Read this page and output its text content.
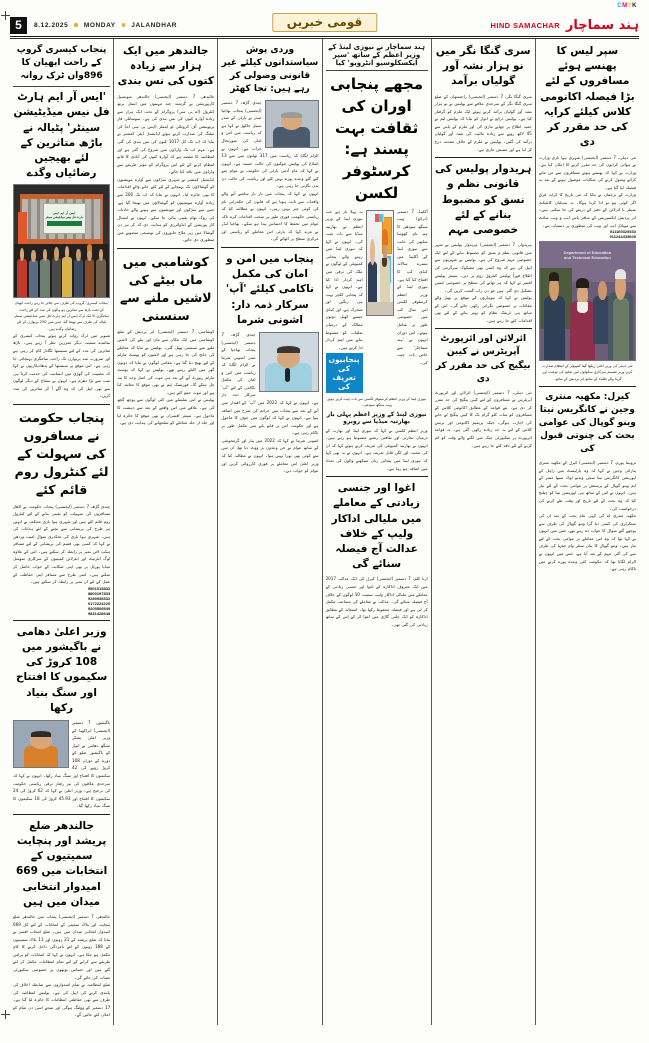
CMYK
5	8.12.2025 MONDAY JALANDHAR	قومی خبریں	HIND SAMACHAR ہند سماچار
پنجاب کیسری گروپ کے راحت ابھیان کا 896واں ٹرک روانہ
'ایس آر ایم ہارٹ فل نیس میڈیٹیشن سینٹر' پٹیالہ نے باڑھ متاثرین کے لئے بھیجیں رضائیاں وگدے
ایس. آر. ایم. ایس.
ہارٹ فل نیس میڈیٹیشن سینٹر
'پنجاب کیسری' گروپ کی طرف سے چلائے جا رہے راحت ابھیان کے تحت باڑھ سے متاثرین ہو والوں کی مدد کے لئے راحت سامگری کا ایک ٹرک ایس آر ایم ہارٹ فل نیس میڈیٹیشن سینٹر پٹیالہ کی طرف سے بھیجا گیا، جس میں 250 پریوارں کے لئے رضائیاں وگدے ہیں۔
تصویر میں ٹرک روانہ کرتے ہوئے پنجاب کیسری کے نمائندے سمیت دیگر معززین نظر آ رہے ہیں۔ باڑھ متاثرین کی مدد کے لئے سنستھا لگاتار کام کر رہی ہے اور ضرورت مند پریوارں تک راحت سامگری پہنچائی جا رہی ہے۔ اس موقع پر سنستھا کے پدھادیکاریوں نے کہا کہ مصیبت کی گھڑی میں انسانیت کی خدمت کرنا ہی سب سے بڑا دھرم ہے۔ انہوں نے سماج کے دیگر لوگوں سے بھی اپیل کی کہ وہ آگے آ کر متاثرین کی مدد کریں۔
پنجاب حکومت نے مسافروں کی سہولت کے لئے کنٹرول روم قائم کئے
چندی گڑھ، 7 دسمبر (ایجنسی) پنجاب حکومت نے اڈھار مسافروں کی سہولت کو یقینی بنانے کے لئے کنٹرول روم قائم کئے ہیں اور شہری ہوا بازی محکمہ نے انہیں ہر طرح کی پریشانی سے بچنے کے لئے ہدایات کی ہیں۔ شہری ہوا بازی کی تجکدری سوال امیت وردھن نے کہا کہ کسی بھی قسم کی پریشانی کے لئے مسافر ہیلپ لائن نمبر پر رابطہ کر سکتے ہیں۔ اس کے علاوہ لوگ انٹرنیٹ اور ایئرلائن کمپنیوں کے سرکاری سوشل میڈیا پورٹل پر بھی اپنی شکایت کے جواب حاصل کر سکتے ہیں۔ اسی طرح سے مسافر اپنی حفاظت کے عمل کے لئے ان نمبر پر رابطہ کر سکتے ہیں۔
9501015832
8800197833
9289938532
0172224220
9205508549
9831428648
وزیر اعلیٰ دھامی نے باگیشور میں 108 کروڑ کی سکیموں کا افتتاح اور سنگ بنیاد رکھا
باگیشور، 7 دسمبر (ایجنسی) اتراکھنڈ کے وزیر اعلیٰ پشکر سنگھ دھامی نے اتوار کو باگیشور ضلع کے دورے کے دوران 108 کروڑ روپے کی 42 سکیموں کا افتتاح اور سنگ بنیاد رکھا۔ انہوں نے کہا کہ سرحدی علاقوں کی تیز رفتار ترقی ریاستی حکومت کی ترجیح ہے۔ وزیر اعلیٰ نے کہا کہ 62 کروڑ کی 24 سکیموں کا افتتاح اور 45.93 کروڑ کی 18 سکیموں کا سنگ بنیاد رکھا گیا۔
جالندھر ضلع پریشد اور پنچایت سمیتیوں کے انتخابات میں 669 امیدوار انتخابی میدان میں ہیں
جالندھر، 7 دسمبر (ایجنسی) پنجاب میں جالندھر ضلع پنچایت اور بلاک سمیتی کے انتخابات کے لئے کل 669 امیدوار انتخابی میدان میں ہیں۔ ضلع انتخاب افسر نے بتایا کہ ضلع پریشد کے 21 زونوں اور 11 بلاک سمیتیوں کے 188 زونوں کے لئے نامزدگی داخل کرنے کا کام مکمل ہو چکا ہے۔ انہوں نے کہا کہ انتخابات کو پرامن طریقے سے کرانے کے لئے تمام انتظامات مکمل کر لئے گئے ہیں اور حساس بوتھوں پر خصوصی سکیورٹی تعینات کی جائے گی۔
ضلع انتظامیہ نے تمام امیدواروں سے ضابطہ اخلاق کی پابندی کرنے کی اپیل کی ہے۔ پولیس انتظامیہ کی طرف سے بھی حفاظتی انتظامات کا جائزہ لیا گیا ہے۔ 17 دسمبر کو ووٹنگ ہوگی اور نتیجے اسی دن شام کو اعلان کئے جائیں گے۔
جالندھر میں ایک ہزار سے زیادہ کتوں کی نس بندی
جالندھر، 7 دسمبر (ایجنسی) جالندھر میونسپل کارپوریشن نے گزشتہ چند مہینوں میں اینمل برتھ کنٹرول (اے بی سی) پروگرام کے تحت ایک ہزار سے زیادہ آوارہ کتوں کی نس بندی کی ہے۔ سوسائٹی فار پریوینشن آف کرویلٹی ٹو اینملز (ایس پی سی اے) کی میٹنگ کی صدارت کرتے ہوئے ایڈیشنل ڈپٹی کمشنر نے بتایا کہ اب تک کل 1017 کتوں کی نس بندی کی گئی ہے۔ مہم اب تک وارڈوں میں شروع کی گئی ہے اور انتظامیہ کا مقصد ہے کہ آوارہ کتوں کی آبادی کا قابو انتظام کرنے کے لئے اس پروگرام کو مؤثر طریقے سے وارڈوں میں نافذ کیا جائے۔
ایڈیشنل کمشنر نے شہری سڑکوں سے آوارہ مویشیوں کو گوشالاؤں تک پہنچانے کے لئے کئے جانے والے اقدامات کا بھی جائزہ لیا۔ انہوں نے بتایا کہ اب تک 200 سے زیادہ آوارہ مویشیوں کو گوشالاؤں میں بھیجا گیا ہے، جس سے سڑکوں اور مویشیوں سے ہونے والے حادثات کی روک تھام یقینی بنائی جا سکے۔ انہوں نے اسپتال کار پوریشن کے ایڈوائزری کو ہدایت دی کہ کر ہر دن گوشالا میں زیر علاج جانوروں کی توسیعی منصوبے میں منظوری دی جائے۔
کوشامبی میں ماں بیٹے کی لاشیں ملنے سے سنسنی
کوشامبی، 7 دسمبر (ایجنسی) اتر پردیش کے ضلع کوشامبی میں ایک مکان سے ماں اور بیٹے کی لاشیں ملنے سے سنسنی پھیل گئی۔ پولیس نے بتایا کہ معاملے کی جانچ کی جا رہی ہے اور لاشوں کو پوسٹ مارٹم کے لئے بھیج دیا گیا ہے۔ مقامی لوگوں نے بتایا کہ دونوں گھر میں اکیلے رہتے تھے۔ پولیس نے کہا کہ پوسٹ مارٹم رپورٹ آنے کے بعد ہی موت کی اصل وجہ کا پتہ چل سکے گا۔ فورنسک ٹیم نے بھی موقع کا معائنہ کیا ہے اور ثبوت جمع کئے ہیں۔
پولیس نے اس سلسلے میں کئی لوگوں سے پوچھ گچھ کی ہے۔ علاقے میں اس واقعے کے بعد سے دہشت کا ماحول ہے۔ سینئر افسران نے بھی موقع کا جائزہ لیا اور جلد از جلد معاملے کو سلجھانے کی ہدایت دی ہے۔
وردی پوش سیاستدانوں کیلئے غیر قانونی وصولی کر رہے ہیں: نجا کھٹر
چندی گڑھ، 7 دسمبر (ایجنسی) پنجاب بھاجپا صدر نے پارٹی کے صدر سنیل جاکھڑ نے کہا ہے کہ ریاست میں امن و امان کی صورتحال خراب ہے۔ انہوں نے الزام لگایا کہ ریاست میں 317 تھانوں میں سے 13 اضلاع کی پولیس چوکیوں کی حالت خستہ ہے۔ انہوں نے کہا کہ عام آدمی پارٹی کی حکومت نے عوام سے کئے گئے وعدے پورے نہیں کئے اور ریاست کی حالت دن بدن بگڑتی جا رہی ہے۔
انہوں نے کہا کہ پنجاب میں بار بار سامنے آنے والے واقعات سے ثابت ہوتا ہے کہ قانون کی حکمرانی نام کی کوئی چیز نہیں رہی۔ انہوں نے مطالبہ کیا کہ ریاستی حکومت فوری طور پر سخت اقدامات کرے تاکہ عوام میں تحفظ کا احساس پیدا ہو سکے۔ بھاجپا لیڈر نے مزید کہا کہ پارٹی اس معاملے کو ریاستی اور مرکزی سطح پر اٹھائے گی۔
پنجاب میں امن و امان کی مکمل ناکامی کیلئے 'آپ' سرکار ذمہ دار: اشونی شرما
چندی گڑھ، 7 دسمبر (ایجنسی) پنجاب بھاجپا کے صدر اشونی شرما نے الزام لگایا کہ ریاست میں امن و امان کی مکمل ناکامی کے لئے 'آپ' سرکار ذمہ دار ہے۔ انہوں نے کہا کہ 2022 میں 'آپ' کے اقتدار میں آنے کے بعد سے پنجاب میں جرائم کی شرح میں اضافہ ہوا ہے۔ انہوں نے کہا کہ لوگوں میں خوف کا ماحول ہے اور حکومت اس پر قابو پانے میں مکمل طور پر ناکام رہی ہے۔
اشونی شرما نے کہا کہ 2022 میں پیار اور گرمجوشی کے ساتھ عوام نے جن وعدوں پر ووٹ دیا تھا، ان میں سے کوئی بھی پورا نہیں ہوا۔ انہوں نے مطالبہ کیا کہ وزیر اعلیٰ اس معاملے پر فوری کارروائی کریں اور عوام کو جواب دیں۔
ہند سماچار نے نیوزی لینڈ کے وزیر اعظم کے ساتھ 'سپر ایکسکلوسیو انٹرویو' کیا
مجھے پنجابی اوران کی ثقافت بہت پسند ہے: کرسٹوفر لکسن
یہ پہلا بار ہے جب نیوزی لینڈ کے وزیر اعظم نے بھارتیہ میڈیا سے بات چیت کی۔ انہوں نے کہا کہ نیوزی لینڈ میں رہنے والے پنجابی کمیونٹی کے لوگوں نے ملک کی ترقی میں اہم کردار ادا کیا ہے۔ انہوں نے کہا کہ پنجابی کلچر بہت ہی رنگین اور متحرک ہے، اور کبڈی جیسے کھیل دونوں ممالک کے درمیان تعلقات کو مضبوط بنانے میں اہم کردار ادا کرتے ہیں۔
پنجابیوں کی تعریف کی
آکلینڈ، 7 دسمبر (ذرائع) ویب سنگھ سودھی کا ہم نام کھوسا ساتھی کی جانب سے نیوزی لینڈ کے آکلینڈ میں تیسرے سالانہ کبڈی کپ کا افتتاح کیا گیا ہے۔ نیوزی لینڈ کے وزیر اعظم کرسٹوفر لکسن اس سال کپ میں خصوصی طور پر شامل ہوئے۔ اس دوران انہوں نے 'ہند سماچار' سے خاص بات چیت کی۔
نیوزی لینڈ کے وزیر اعظم کرسٹوفر لکسن سے بات چیت کرتے ہوئے ویب سنگھ سودھی۔
نیوزی لینڈ کے وزیر اعظم پہلی بار بھارتیہ میڈیا سے روبرو
وزیر اعظم لکسن نے کہا کہ نیوزی لینڈ اور بھارت کے درمیان تجارتی اور ثقافتی رشتے مضبوط ہو رہے ہیں۔ انہوں نے بھارتیہ کمیونٹی کی تعریف کرتے ہوئے کہا کہ ان کی محنت اور لگن قابل تعریف ہے۔ انہوں نے یہ بھی کہا کہ نیوزی لینڈ میں پنجابی زبان سیکھنے والوں کی تعداد میں اضافہ ہو رہا ہے۔
اغوا اور جنسی زیادتی کے معاملے میں ملیالی اداکار ولیپ کے خلاف عدالت آج فیصلہ سنائے گی
ارنا کلم، 7 دسمبر (ایجنسی) کیرل کی ایک عدالت 2017 میں ایک معروف اداکارہ کے اغوا اور جنسی زیادتی کے معاملے میں ملیالی اداکار ولیپ سمیت 10 لوگوں کے خلاف آج فیصلہ سنائے گی۔ عدالت نے معاملے کی سماعت مکمل کر لی ہے اور فیصلہ محفوظ رکھا تھا۔ استغاثہ کے مطابق اداکارہ کو ایک چلتی گاڑی میں اغوا کر کے اس کے ساتھ زیادتی کی گئی تھی۔
سری گنگا نگر میں نو ہزار نشہ آور گولیاں برآمد
سری گنگا نگر، 7 دسمبر (ایجنسی) راجستھان کے ضلع سری گنگا نگر کے سرحدی علاقے سے پولیس نے نو ہزار نشہ آور گولیاں برآمد کرتے ہوئے ایک ملزم کو گرفتار کیا ہے۔ پولیس ذرائع نے اتوار کو بتایا کہ پولیس ٹیم نے خفیہ اطلاع پر چھاپے ماری کی اور ملزم کے پاس سے 45 لاکھ روپے سے زیادہ مالیت کی نشہ آور گولیاں برآمد کی گئیں۔ پولیس نے ملزم کے خلاف مقدمہ درج کر لیا ہے اور تفتیش جاری ہے۔
ہریدوار پولیس کی قانونی نظم و نسق کو مضبوط بنانے کے لئے خصوصی مہم
ہریدوار، 7 دسمبر (ایجنسی) ہریدوار پولیس نے شہر میں قانونی نظم و نسق کو مضبوط بنانے کے لئے ایک خصوصی مہم شروع کی ہے۔ پولیس نے شہریوں سے اپیل کی ہے کہ وہ کسی بھی مشکوک سرگرمی کی اطلاع فوراً پولیس کنٹرول روم پر دیں۔ سینئر پولیس افسر نے کہا کہ ہر تھانے کی سطح پر خصوصی ٹیمیں تشکیل دی گئی ہیں جو دن رات گشت کریں گی۔
پولیس نے کہا کہ تیوہاروں کے موقع پر بھیڑ والے مقامات پر خصوصی نگرانی رکھی جائے گی۔ اس کے ساتھ ہی ٹریفک نظام کو بہتر بنانے کے لئے بھی اقدامات کئے جا رہے ہیں۔
ائرلائن اور ائرپورٹ آپریٹرس نے کیبن بیگیج کی حد مقرر کر دی
نئی دہلی، 7 دسمبر (ایجنسی) ائرلائن اور ائرپورٹ آپریٹرس نے مسافروں کے لئے کیبن بیگیج کی حد مقرر کر دی ہے۔ نئے قواعد کے مطابق اکانومی کلاس کے مسافروں کو سات کلو گرام تک کا کیبن بیگیج لے جانے کی اجازت ہوگی، جبکہ پریمیم اکانومی اور بزنس کلاس کے لئے یہ حد زیادہ رکھی گئی ہے۔ یہ قواعد ائرپورٹ پر سکیورٹی چیک میں لگنے والے وقت کو کم کرنے کے لئے نافذ کئے جا رہے ہیں۔
سپر لیس کا پھنسے ہوئے مسافروں کے لئے بڑا فیصلہ اکانومی کلاس کیلئے کرایہ کی حد مقرر کر دی
نئی دہلی، 7 دسمبر (ایجنسی) شہری ہوا بازی وزارت نے ہوائی کرایوں کی حد مقرر کرنے کا اعلان کیا ہے۔ وزارت نے کہا کہ پھنسے ہوئے مسافروں سے من مانے کرائے وصول کرنے کی شکایات موصول ہونے کے بعد یہ فیصلہ لیا گیا ہے۔
وزارت کے ترجمان نے بتایا کہ نئی تاریخ کا کرایہ فرق اگر کوئی ہو تو ادا کرنا ہوگا۔ یہ تبدیلیاں کانٹیکٹ سینٹر یا ائرلائن کے دفتر کے ذریعے کی جا سکتی ہیں۔ اتر پردیش ایکسپریس کے سافر پاس ایپ و ویب سائٹ سے موبائل ایپ اور ویب کی منظوری پر دستیاب ہے۔
911169329333
911244435600
Department of Education
and Technical Education
نئی دہلی کی وزیر اعلیٰ ریکھا گپتا کمپیوٹر کے انتظام صدارت کرتے وزیر تقسیم سرکاری سکولوں میں تعلیم کی نوعیت اور گریڈ والے طلباء کے ساتھ اتر پردیش کے ساتھ۔
کیرل: مکھیہ منتری وجین نے کانگریس نیتا وینو گوپال کی عوامی بحث کی چنوتی قبول کی
تروننتا پورم، 7 دسمبر (ایجنسی) کیرل کے مکھیہ منتری پنارائی وجین نے کہا کہ وہ پارلیمنٹ میں راہل کے اپوزیشن کانگریس نیتا سچن ویدیو لوک سبھا ممبر کے ایم وینو گوپال کے پرستش پر عوامی بحث کے لئے تیار ہیں۔ انہوں نے اس کے ساتھ ہی اپوزیشن نیتا کو چیلنج کیا کہ وہ بحث کے لئے تاریخ اور وقت طے کرنے کی درخواست کی۔
مکھیہ منتری اے کی کہی عام بحث کے بعد ان کی سیکرٹری کی کسی دیا گرا وینو گوپال کی طرف سے پوچھے گئے سوال کا جواب دے رہے تھے، جس میں انہوں نے کہا تھا کہ وہ اس معاملے پر عوامی بحث کے لئے تیار ہیں۔ وینو گوپال کا بیان سنٹر وام جمہا کی طرف سے کی گئی مہم کے بعد آیا ہے، جس میں انہوں نے الزام لگایا تھا کہ حکومت کئی وعدے پورے کرنے میں ناکام رہی ہے۔
